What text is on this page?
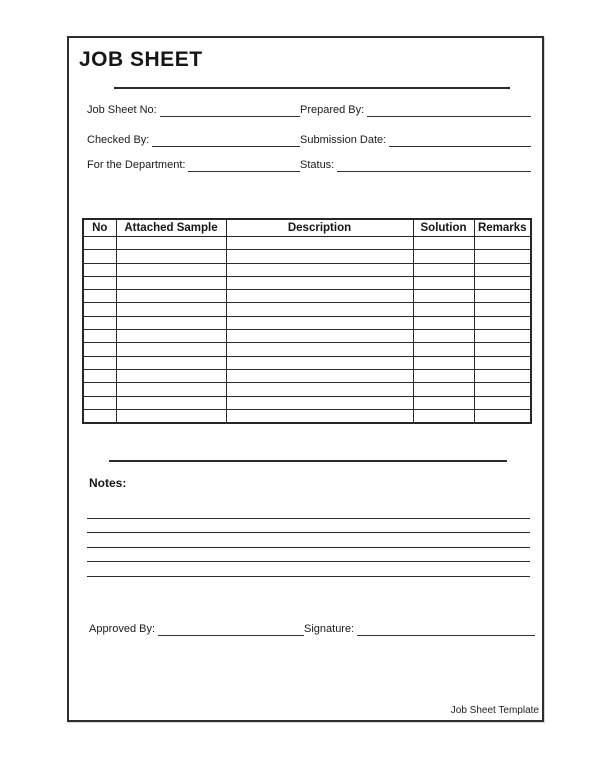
JOB SHEET
Job Sheet No:	Prepared By:
Checked By:	Submission Date:
For the Department:	Status:
No	Attached Sample	Description	Solution	Remarks

Notes:
Approved By:	Signature:
Job Sheet Template
